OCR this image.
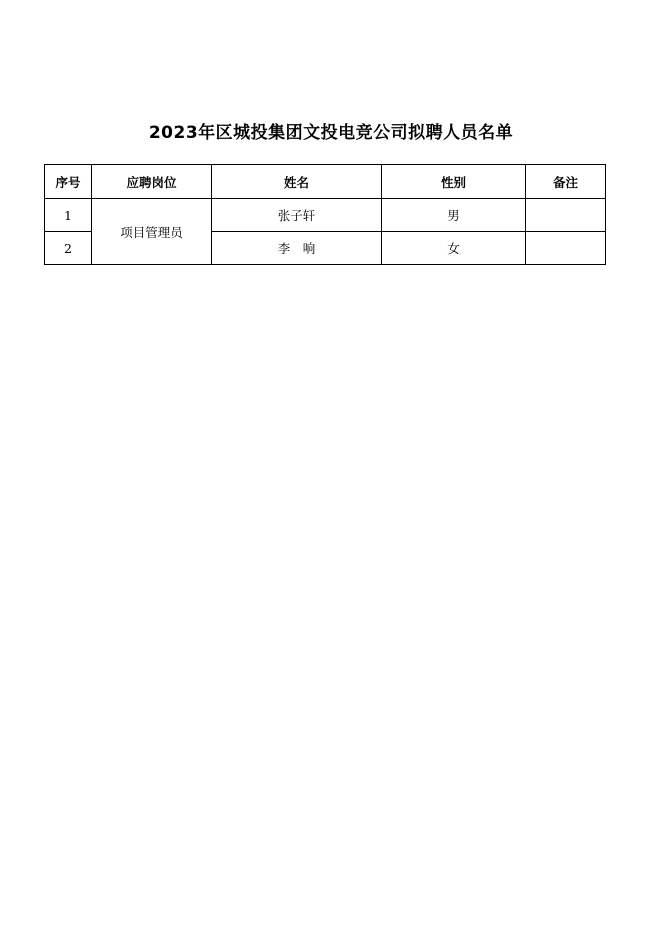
2023年区城投集团文投电竞公司拟聘人员名单
序号	应聘岗位	姓名	性别	备注
1	项目管理员	张子轩	男	
2		李　响	女	
